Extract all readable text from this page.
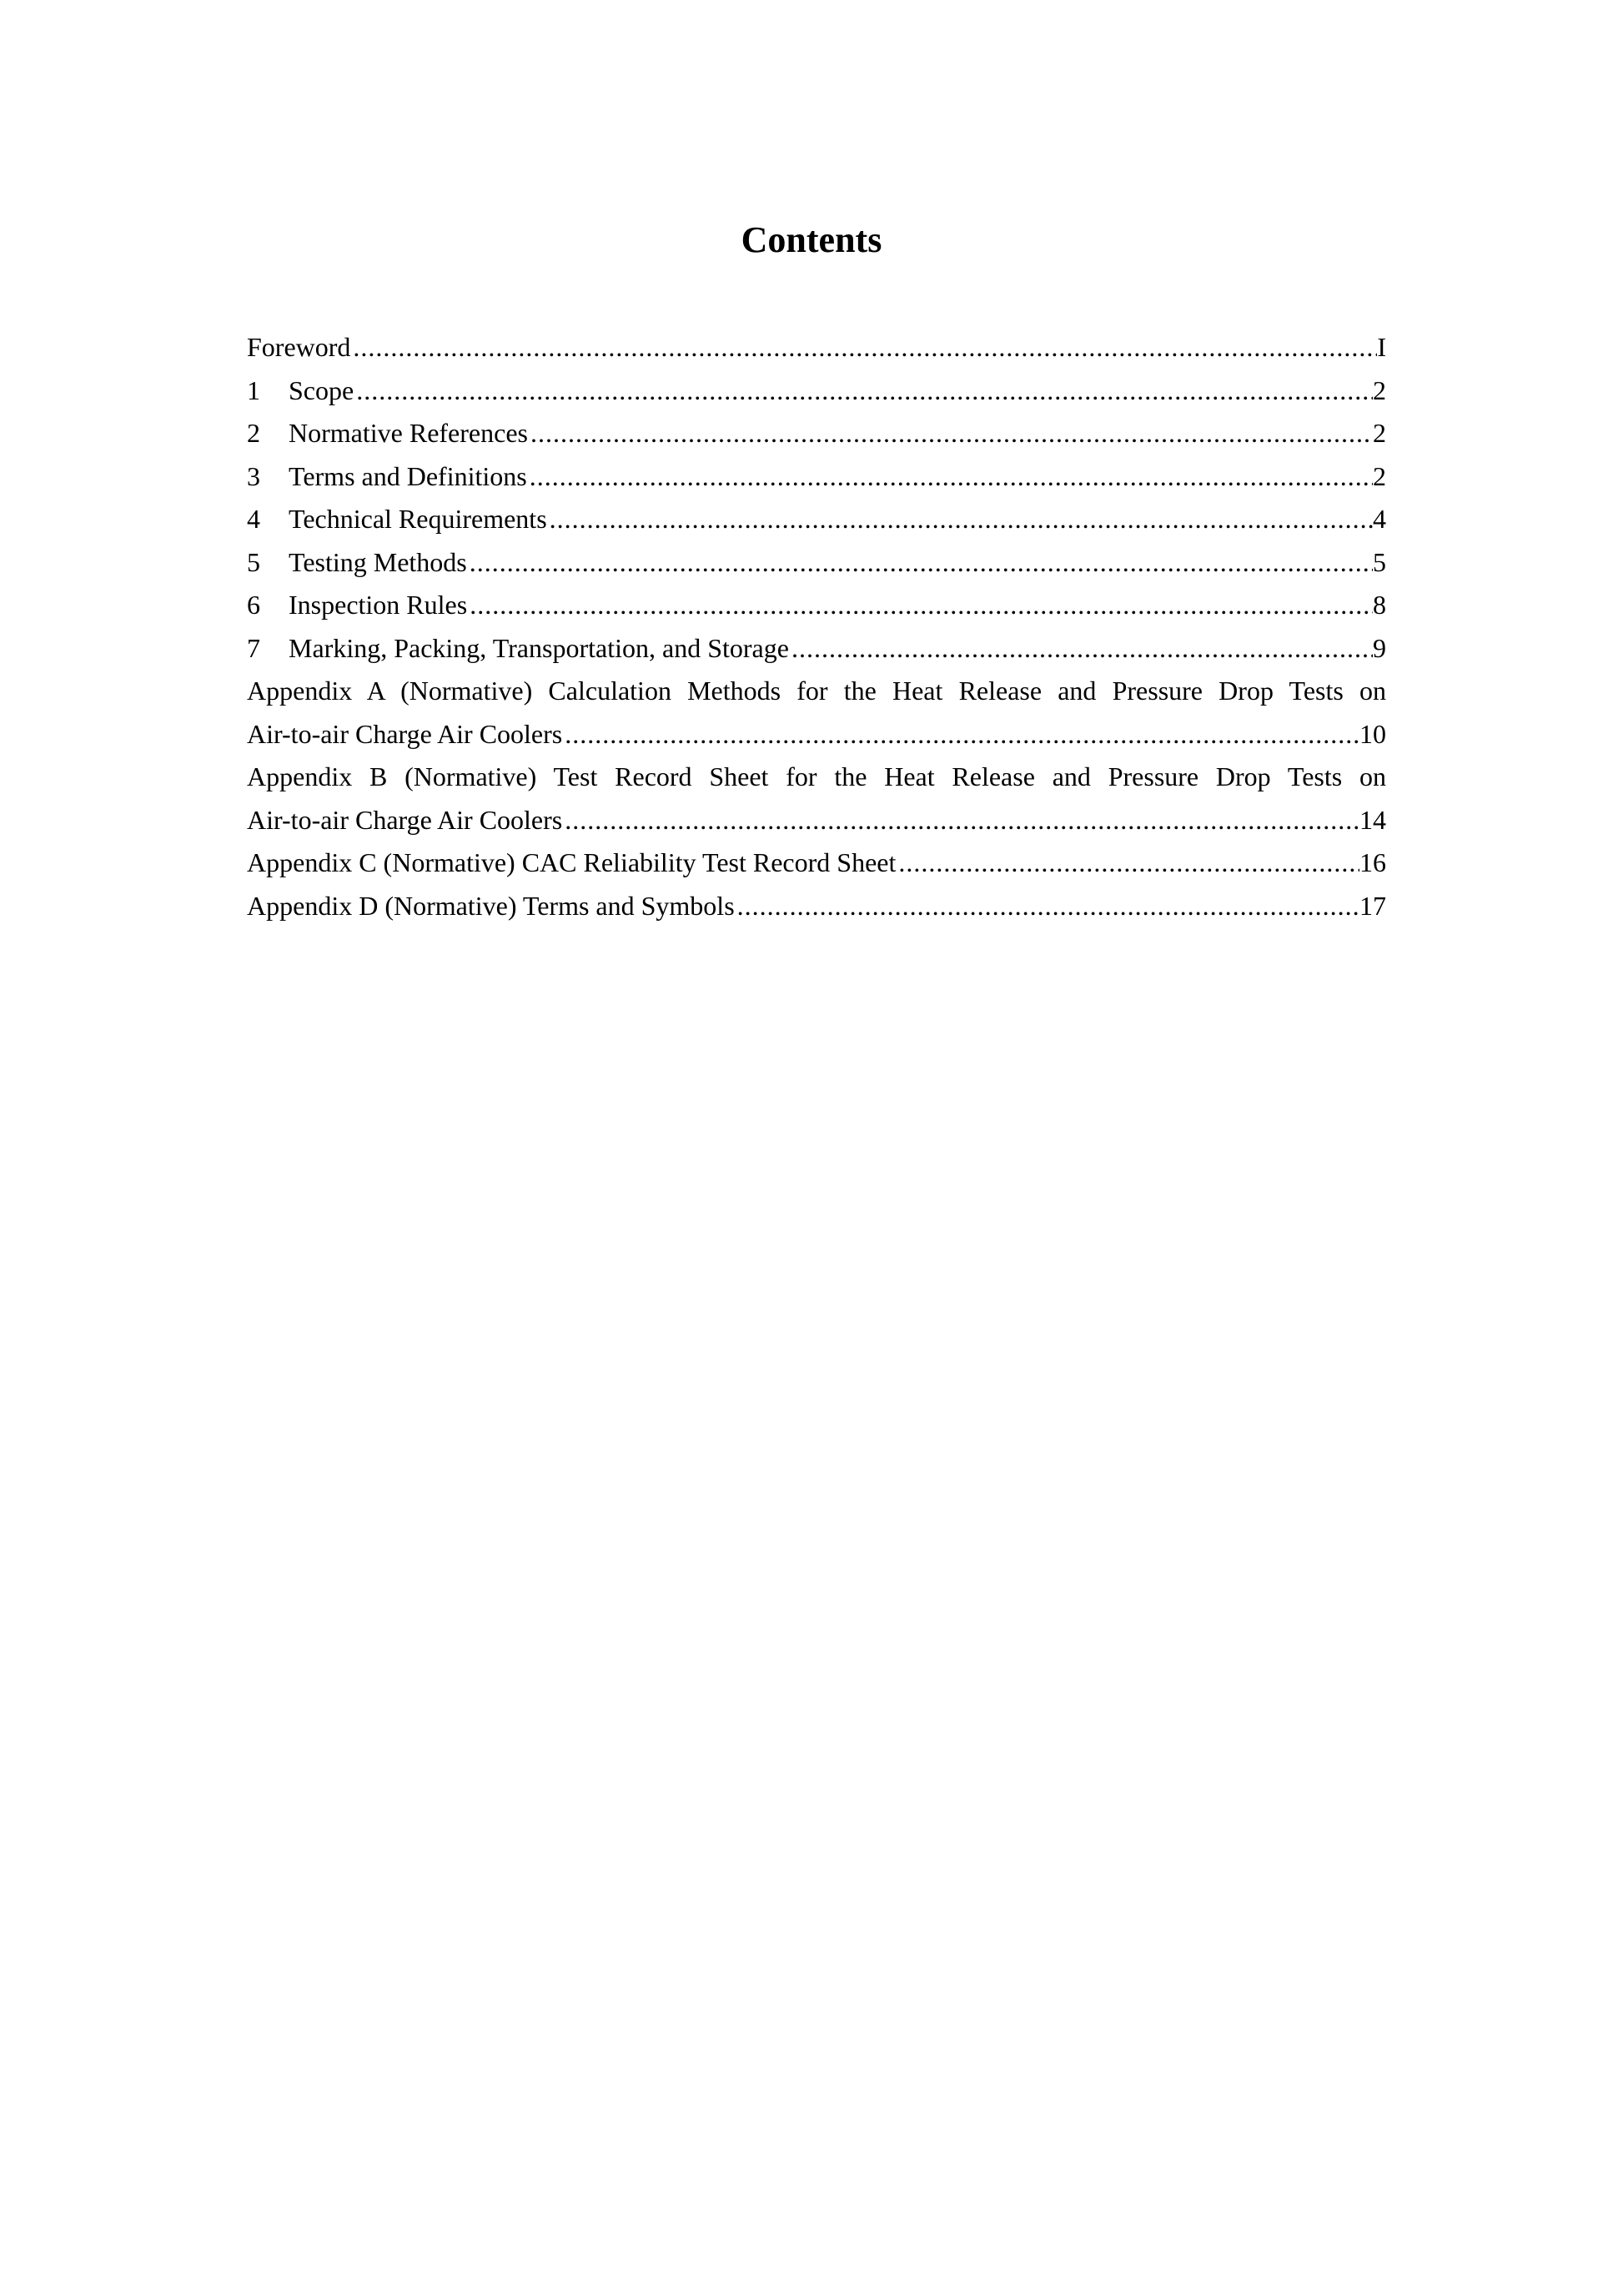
Contents
Foreword .....	I
1	Scope .....	2
2	Normative References .....	2
3	Terms and Definitions .....	2
4	Technical Requirements .....	4
5	Testing Methods .....	5
6	Inspection Rules .....	8
7	Marking, Packing, Transportation, and Storage .....	9
Appendix A (Normative) Calculation Methods for the Heat Release and Pressure Drop Tests on
Air-to-air Charge Air Coolers .....	10
Appendix B (Normative) Test Record Sheet for the Heat Release and Pressure Drop Tests on
Air-to-air Charge Air Coolers .....	14
Appendix C (Normative) CAC Reliability Test Record Sheet .....	16
Appendix D (Normative) Terms and Symbols .....	17
